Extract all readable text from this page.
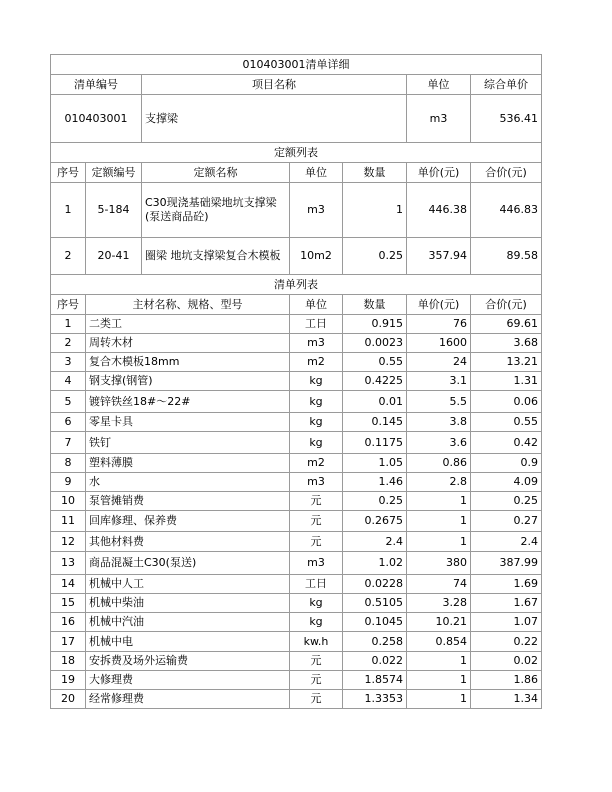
010403001清单详细						
清单编号		项目名称			单位	综合单价
010403001		支撑梁			m3	536.41
定额列表						
序号	定额编号	定额名称	单位	数量	单价(元)	合价(元)
1	5-184	C30现浇基础梁地坑支撑梁(泵送商品砼)	m3	1	446.38	446.83
2	20-41	圈梁 地坑支撑梁复合木模板	10m2	0.25	357.94	89.58
清单列表						
序号	主材名称、规格、型号		单位	数量	单价(元)	合价(元)
1	二类工		工日	0.915	76	69.61
2	周转木材		m3	0.0023	1600	3.68
3	复合木模板18mm		m2	0.55	24	13.21
4	钢支撑(钢管)		kg	0.4225	3.1	1.31
5	镀锌铁丝18#～22#		kg	0.01	5.5	0.06
6	零星卡具		kg	0.145	3.8	0.55
7	铁钉		kg	0.1175	3.6	0.42
8	塑料薄膜		m2	1.05	0.86	0.9
9	水		m3	1.46	2.8	4.09
10	泵管摊销费		元	0.25	1	0.25
11	回库修理、保养费		元	0.2675	1	0.27
12	其他材料费		元	2.4	1	2.4
13	商品混凝土C30(泵送)		m3	1.02	380	387.99
14	机械中人工		工日	0.0228	74	1.69
15	机械中柴油		kg	0.5105	3.28	1.67
16	机械中汽油		kg	0.1045	10.21	1.07
17	机械中电		kw.h	0.258	0.854	0.22
18	安拆费及场外运输费		元	0.022	1	0.02
19	大修理费		元	1.8574	1	1.86
20	经常修理费		元	1.3353	1	1.34
